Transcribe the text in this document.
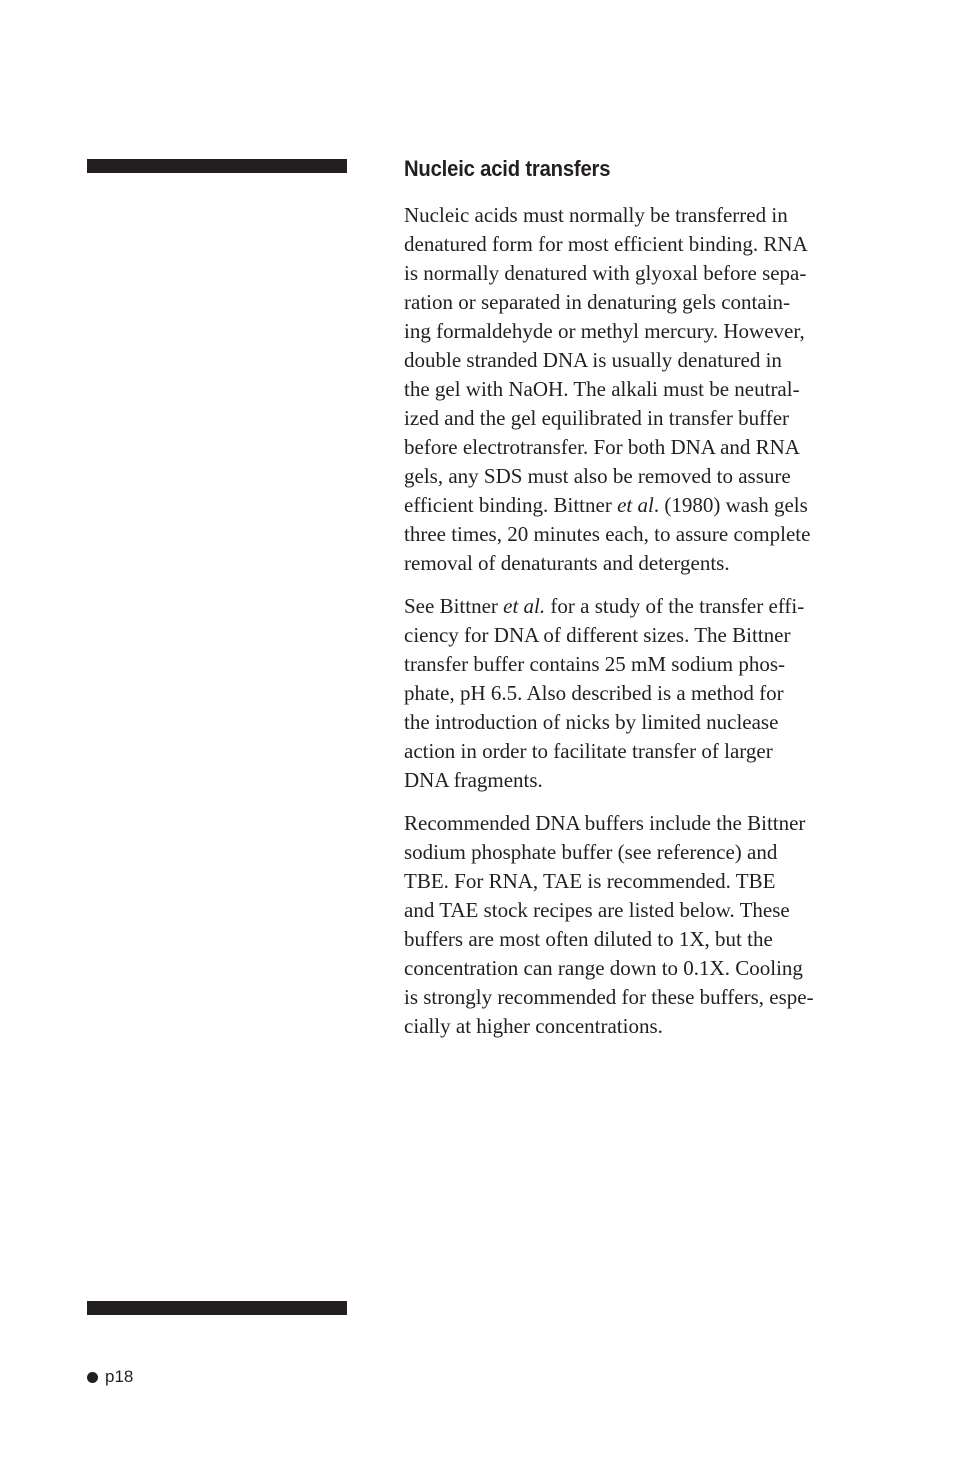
Nucleic acid transfers

Nucleic acids must normally be transferred in
denatured form for most efficient binding. RNA
is normally denatured with glyoxal before sepa-
ration or separated in denaturing gels contain-
ing formaldehyde or methyl mercury. However,
double stranded DNA is usually denatured in
the gel with NaOH. The alkali must be neutral-
ized and the gel equilibrated in transfer buffer
before electrotransfer. For both DNA and RNA
gels, any SDS must also be removed to assure
efficient binding. Bittner et al. (1980) wash gels
three times, 20 minutes each, to assure complete
removal of denaturants and detergents.

See Bittner et al. for a study of the transfer effi-
ciency for DNA of different sizes. The Bittner
transfer buffer contains 25 mM sodium phos-
phate, pH 6.5. Also described is a method for
the introduction of nicks by limited nuclease
action in order to facilitate transfer of larger
DNA fragments.

Recommended DNA buffers include the Bittner
sodium phosphate buffer (see reference) and
TBE. For RNA, TAE is recommended. TBE
and TAE stock recipes are listed below. These
buffers are most often diluted to 1X, but the
concentration can range down to 0.1X. Cooling
is strongly recommended for these buffers, espe-
cially at higher concentrations.

p18
